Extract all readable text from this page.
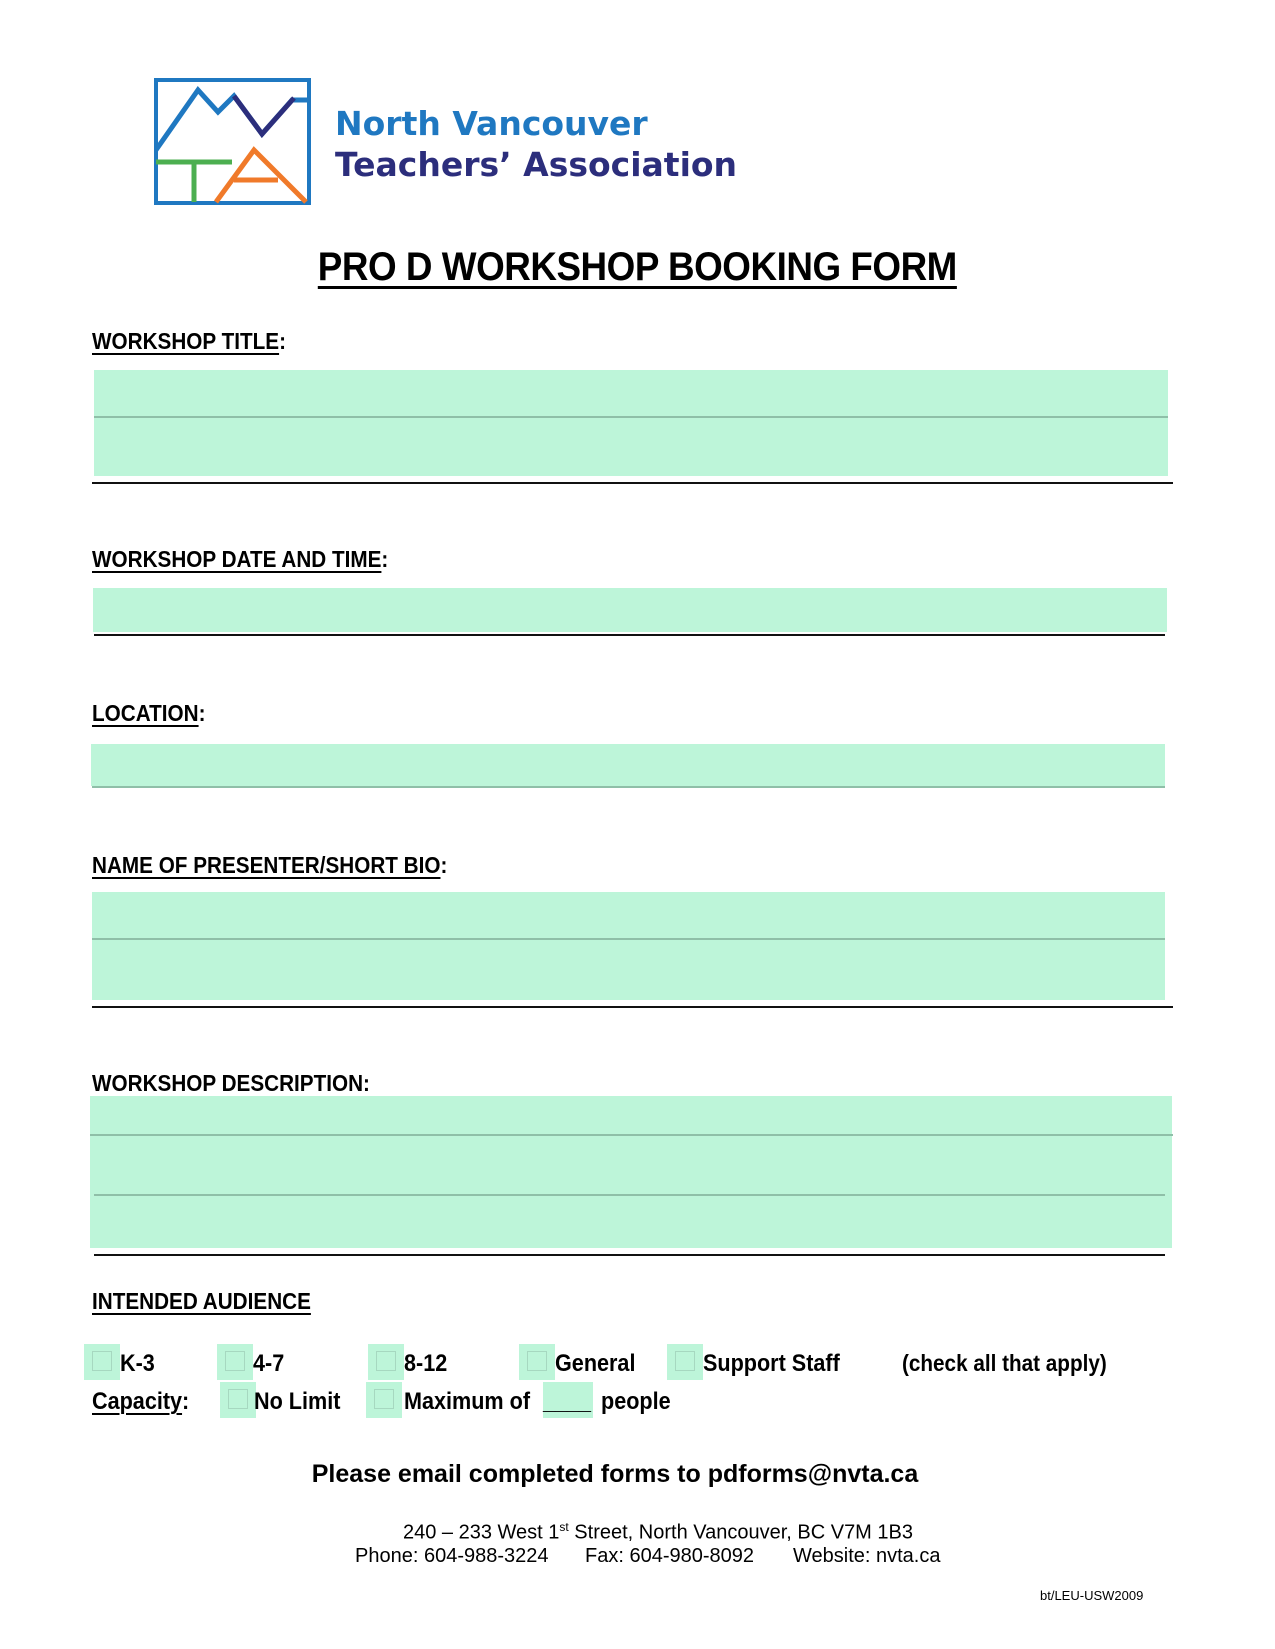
North Vancouver
Teachers’ Association
PRO D WORKSHOP BOOKING FORM
WORKSHOP TITLE:
WORKSHOP DATE AND TIME:
LOCATION:
NAME OF PRESENTER/SHORT BIO:
WORKSHOP DESCRIPTION:
INTENDED AUDIENCE
K-3	4-7	8-12	General	Support Staff	(check all that apply)
Capacity:	No Limit	Maximum of ____ people
Please email completed forms to pdforms@nvta.ca
240 – 233 West 1st Street, North Vancouver, BC V7M 1B3
Phone: 604-988-3224 Fax: 604-980-8092 Website: nvta.ca
bt/LEU-USW2009
